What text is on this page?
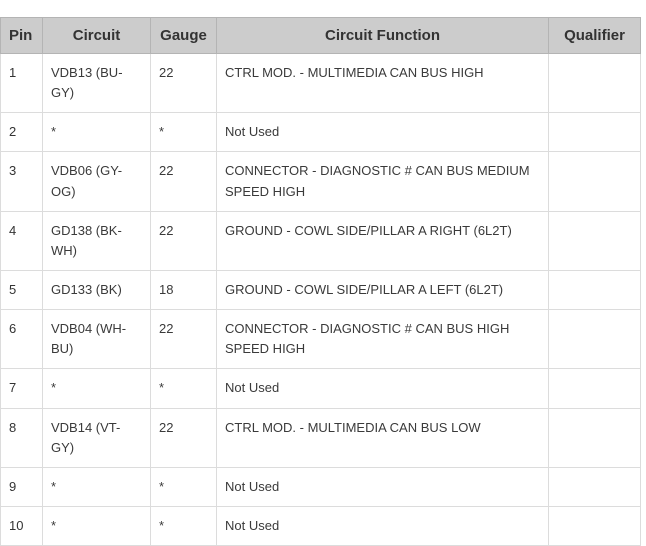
Pin	Circuit	Gauge	Circuit Function	Qualifier
1	VDB13 (BU-GY)	22	CTRL MOD. - MULTIMEDIA CAN BUS HIGH	
2	*	*	Not Used	
3	VDB06 (GY-OG)	22	CONNECTOR - DIAGNOSTIC # CAN BUS MEDIUM SPEED HIGH	
4	GD138 (BK-WH)	22	GROUND - COWL SIDE/PILLAR A RIGHT (6L2T)	
5	GD133 (BK)	18	GROUND - COWL SIDE/PILLAR A LEFT (6L2T)	
6	VDB04 (WH-BU)	22	CONNECTOR - DIAGNOSTIC # CAN BUS HIGH SPEED HIGH	
7	*	*	Not Used	
8	VDB14 (VT-GY)	22	CTRL MOD. - MULTIMEDIA CAN BUS LOW	
9	*	*	Not Used	
10	*	*	Not Used	
